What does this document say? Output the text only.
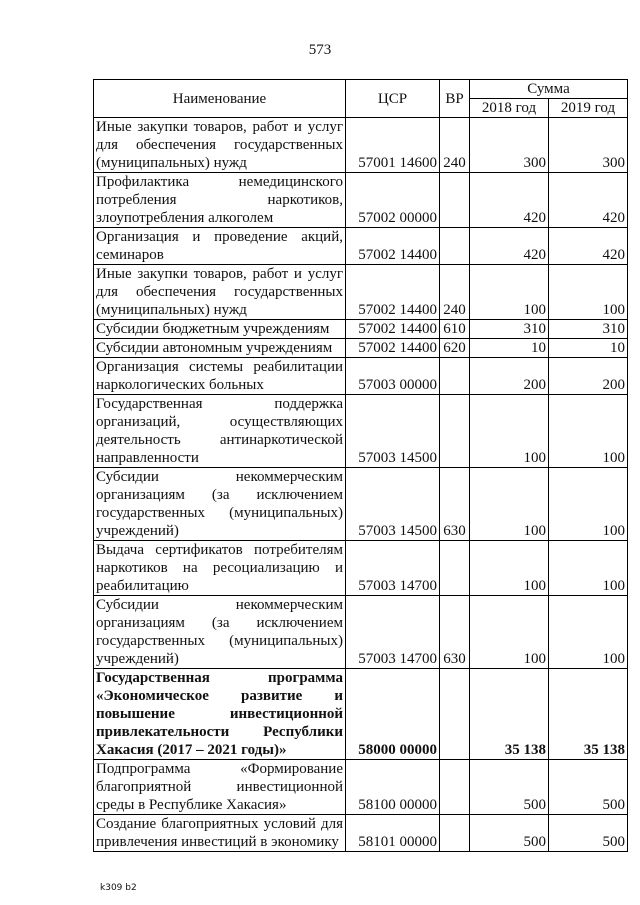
573
Наименование	ЦСР	ВР	Сумма	
			2018 год	2019 год
Иные закупки товаров, работ и услуг для обеспечения государственных (муниципальных) нужд	57001 14600	240	300	300
Профилактика немедицинского потребления наркотиков, злоупотребления алкоголем	57002 00000		420	420
Организация и проведение акций, семинаров	57002 14400		420	420
Иные закупки товаров, работ и услуг для обеспечения государственных (муниципальных) нужд	57002 14400	240	100	100
Субсидии бюджетным учреждениям	57002 14400	610	310	310
Субсидии автономным учреждениям	57002 14400	620	10	10
Организация системы реабилитации наркологических больных	57003 00000		200	200
Государственная поддержка организаций, осуществляющих деятельность антинаркотической направленности	57003 14500		100	100
Субсидии некоммерческим организациям (за исключением государственных (муниципальных) учреждений)	57003 14500	630	100	100
Выдача сертификатов потребителям наркотиков на ресоциализацию и реабилитацию	57003 14700		100	100
Субсидии некоммерческим организациям (за исключением государственных (муниципальных) учреждений)	57003 14700	630	100	100
Государственная программа «Экономическое развитие и повышение инвестиционной привлекательности Республики Хакасия (2017 – 2021 годы)»	58000 00000		35 138	35 138
Подпрограмма «Формирование благоприятной инвестиционной среды в Республике Хакасия»	58100 00000		500	500
Создание благоприятных условий для привлечения инвестиций в экономику	58101 00000		500	500
k309 b2
